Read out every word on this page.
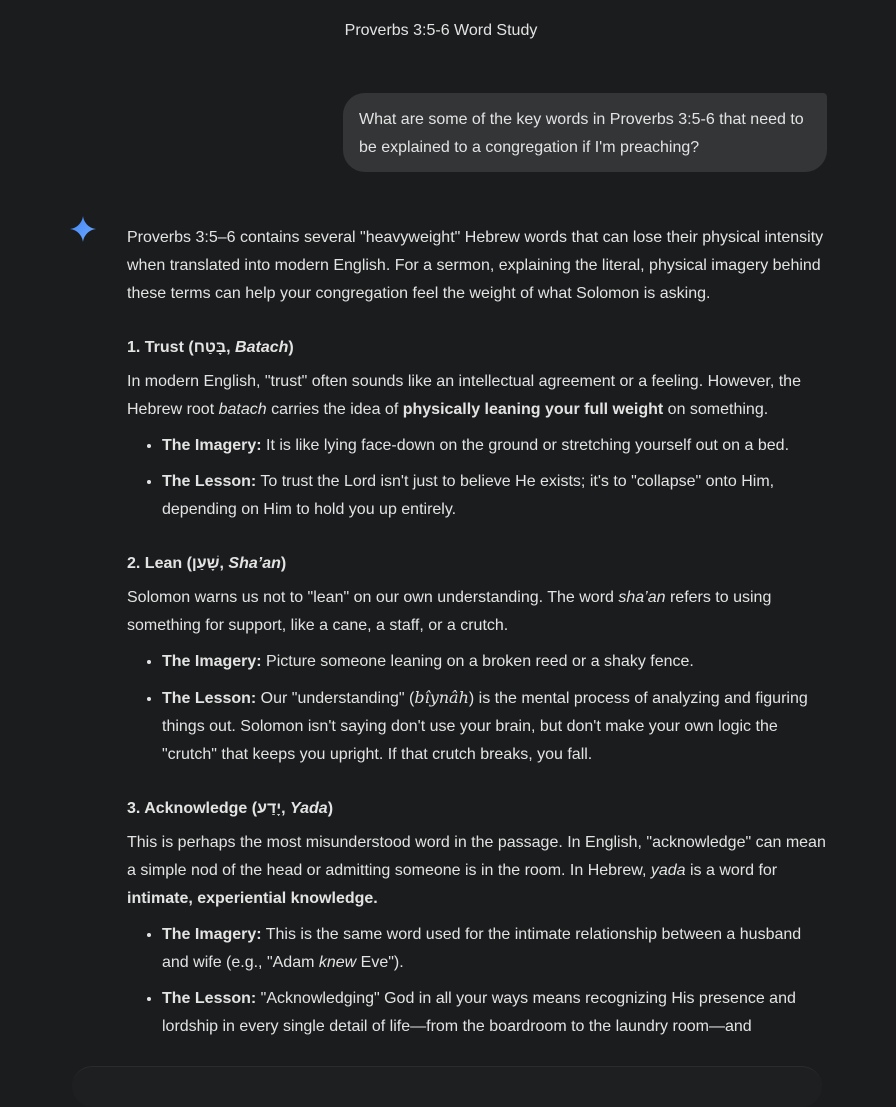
Proverbs 3:5-6 Word Study
What are some of the key words in Proverbs 3:5-6 that need to be explained to a congregation if I'm preaching?

Proverbs 3:5–6 contains several "heavyweight" Hebrew words that can lose their physical intensity when translated into modern English. For a sermon, explaining the literal, physical imagery behind these terms can help your congregation feel the weight of what Solomon is asking.

1. Trust (בָּטַח, Batach)

In modern English, "trust" often sounds like an intellectual agreement or a feeling. However, the Hebrew root batach carries the idea of physically leaning your full weight on something.

• The Imagery: It is like lying face-down on the ground or stretching yourself out on a bed.
• The Lesson: To trust the Lord isn't just to believe He exists; it's to "collapse" onto Him, depending on Him to hold you up entirely.
2. Lean (שָׁעַן, Sha’an)

Solomon warns us not to "lean" on our own understanding. The word sha’an refers to using something for support, like a cane, a staff, or a crutch.

• The Imagery: Picture someone leaning on a broken reed or a shaky fence.
• The Lesson: Our "understanding" (bîynâh) is the mental process of analyzing and figuring things out. Solomon isn't saying don't use your brain, but don't make your own logic the "crutch" that keeps you upright. If that crutch breaks, you fall.
3. Acknowledge (יָדַע, Yada)

This is perhaps the most misunderstood word in the passage. In English, "acknowledge" can mean a simple nod of the head or admitting someone is in the room. In Hebrew, yada is a word for intimate, experiential knowledge.

• The Imagery: This is the same word used for the intimate relationship between a husband and wife (e.g., "Adam knew Eve").
• The Lesson: "Acknowledging" God in all your ways means recognizing His presence and lordship in every single detail of life—from the boardroom to the laundry room—and
